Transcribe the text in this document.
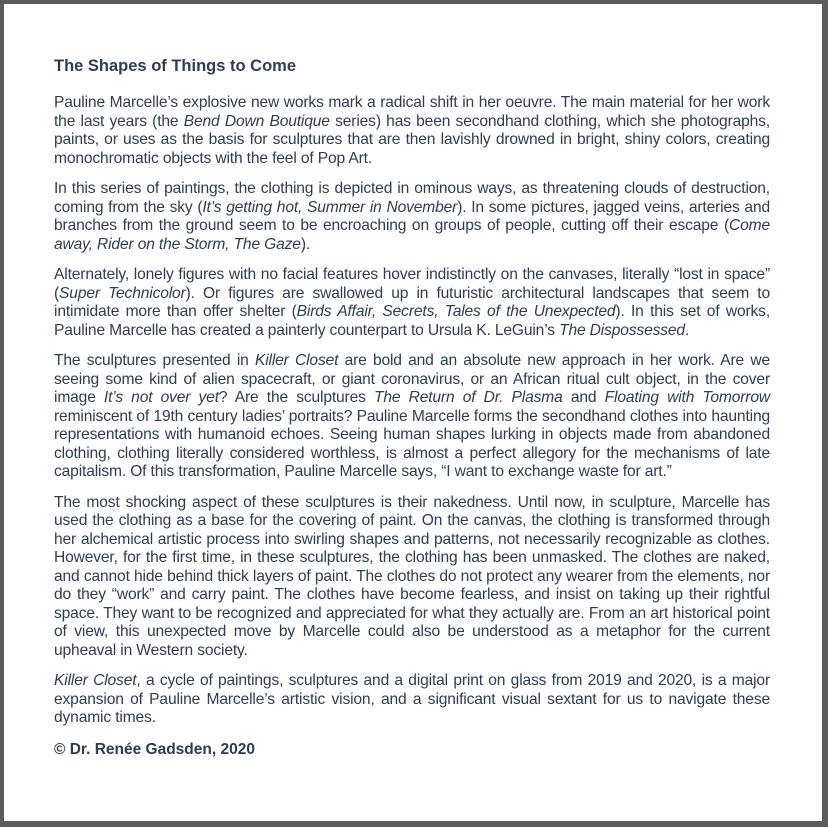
The Shapes of Things to Come

Pauline Marcelle’s explosive new works mark a radical shift in her oeuvre. The main material for her work the last years (the Bend Down Boutique series) has been secondhand clothing, which she photographs, paints, or uses as the basis for sculptures that are then lavishly drowned in bright, shiny colors, creating monochromatic objects with the feel of Pop Art.

In this series of paintings, the clothing is depicted in ominous ways, as threatening clouds of destruction, coming from the sky (It’s getting hot, Summer in November). In some pictures, jagged veins, arteries and branches from the ground seem to be encroaching on groups of people, cutting off their escape (Come away, Rider on the Storm, The Gaze).

Alternately, lonely figures with no facial features hover indistinctly on the canvases, literally “lost in space” (Super Technicolor). Or figures are swallowed up in futuristic architectural landscapes that seem to intimidate more than offer shelter (Birds Affair, Secrets, Tales of the Unexpected). In this set of works, Pauline Marcelle has created a painterly counterpart to Ursula K. LeGuin’s The Dispossessed.

The sculptures presented in Killer Closet are bold and an absolute new approach in her work. Are we seeing some kind of alien spacecraft, or giant coronavirus, or an African ritual cult object, in the cover image It’s not over yet? Are the sculptures The Return of Dr. Plasma and Floating with Tomorrow reminiscent of 19th century ladies’ portraits? Pauline Marcelle forms the secondhand clothes into haunting representations with humanoid echoes. Seeing human shapes lurking in objects made from abandoned clothing, clothing literally considered worthless, is almost a perfect allegory for the mechanisms of late capitalism. Of this transformation, Pauline Marcelle says, “I want to exchange waste for art.”

The most shocking aspect of these sculptures is their nakedness. Until now, in sculpture, Marcelle has used the clothing as a base for the covering of paint. On the canvas, the clothing is transformed through her alchemical artistic process into swirling shapes and patterns, not necessarily recognizable as clothes. However, for the first time, in these sculptures, the clothing has been unmasked. The clothes are naked, and cannot hide behind thick layers of paint. The clothes do not protect any wearer from the elements, nor do they “work” and carry paint. The clothes have become fearless, and insist on taking up their rightful space. They want to be recognized and appreciated for what they actually are. From an art historical point of view, this unexpected move by Marcelle could also be understood as a metaphor for the current upheaval in Western society.

Killer Closet, a cycle of paintings, sculptures and a digital print on glass from 2019 and 2020, is a major expansion of Pauline Marcelle’s artistic vision, and a significant visual sextant for us to navigate these dynamic times.

© Dr. Renée Gadsden, 2020
